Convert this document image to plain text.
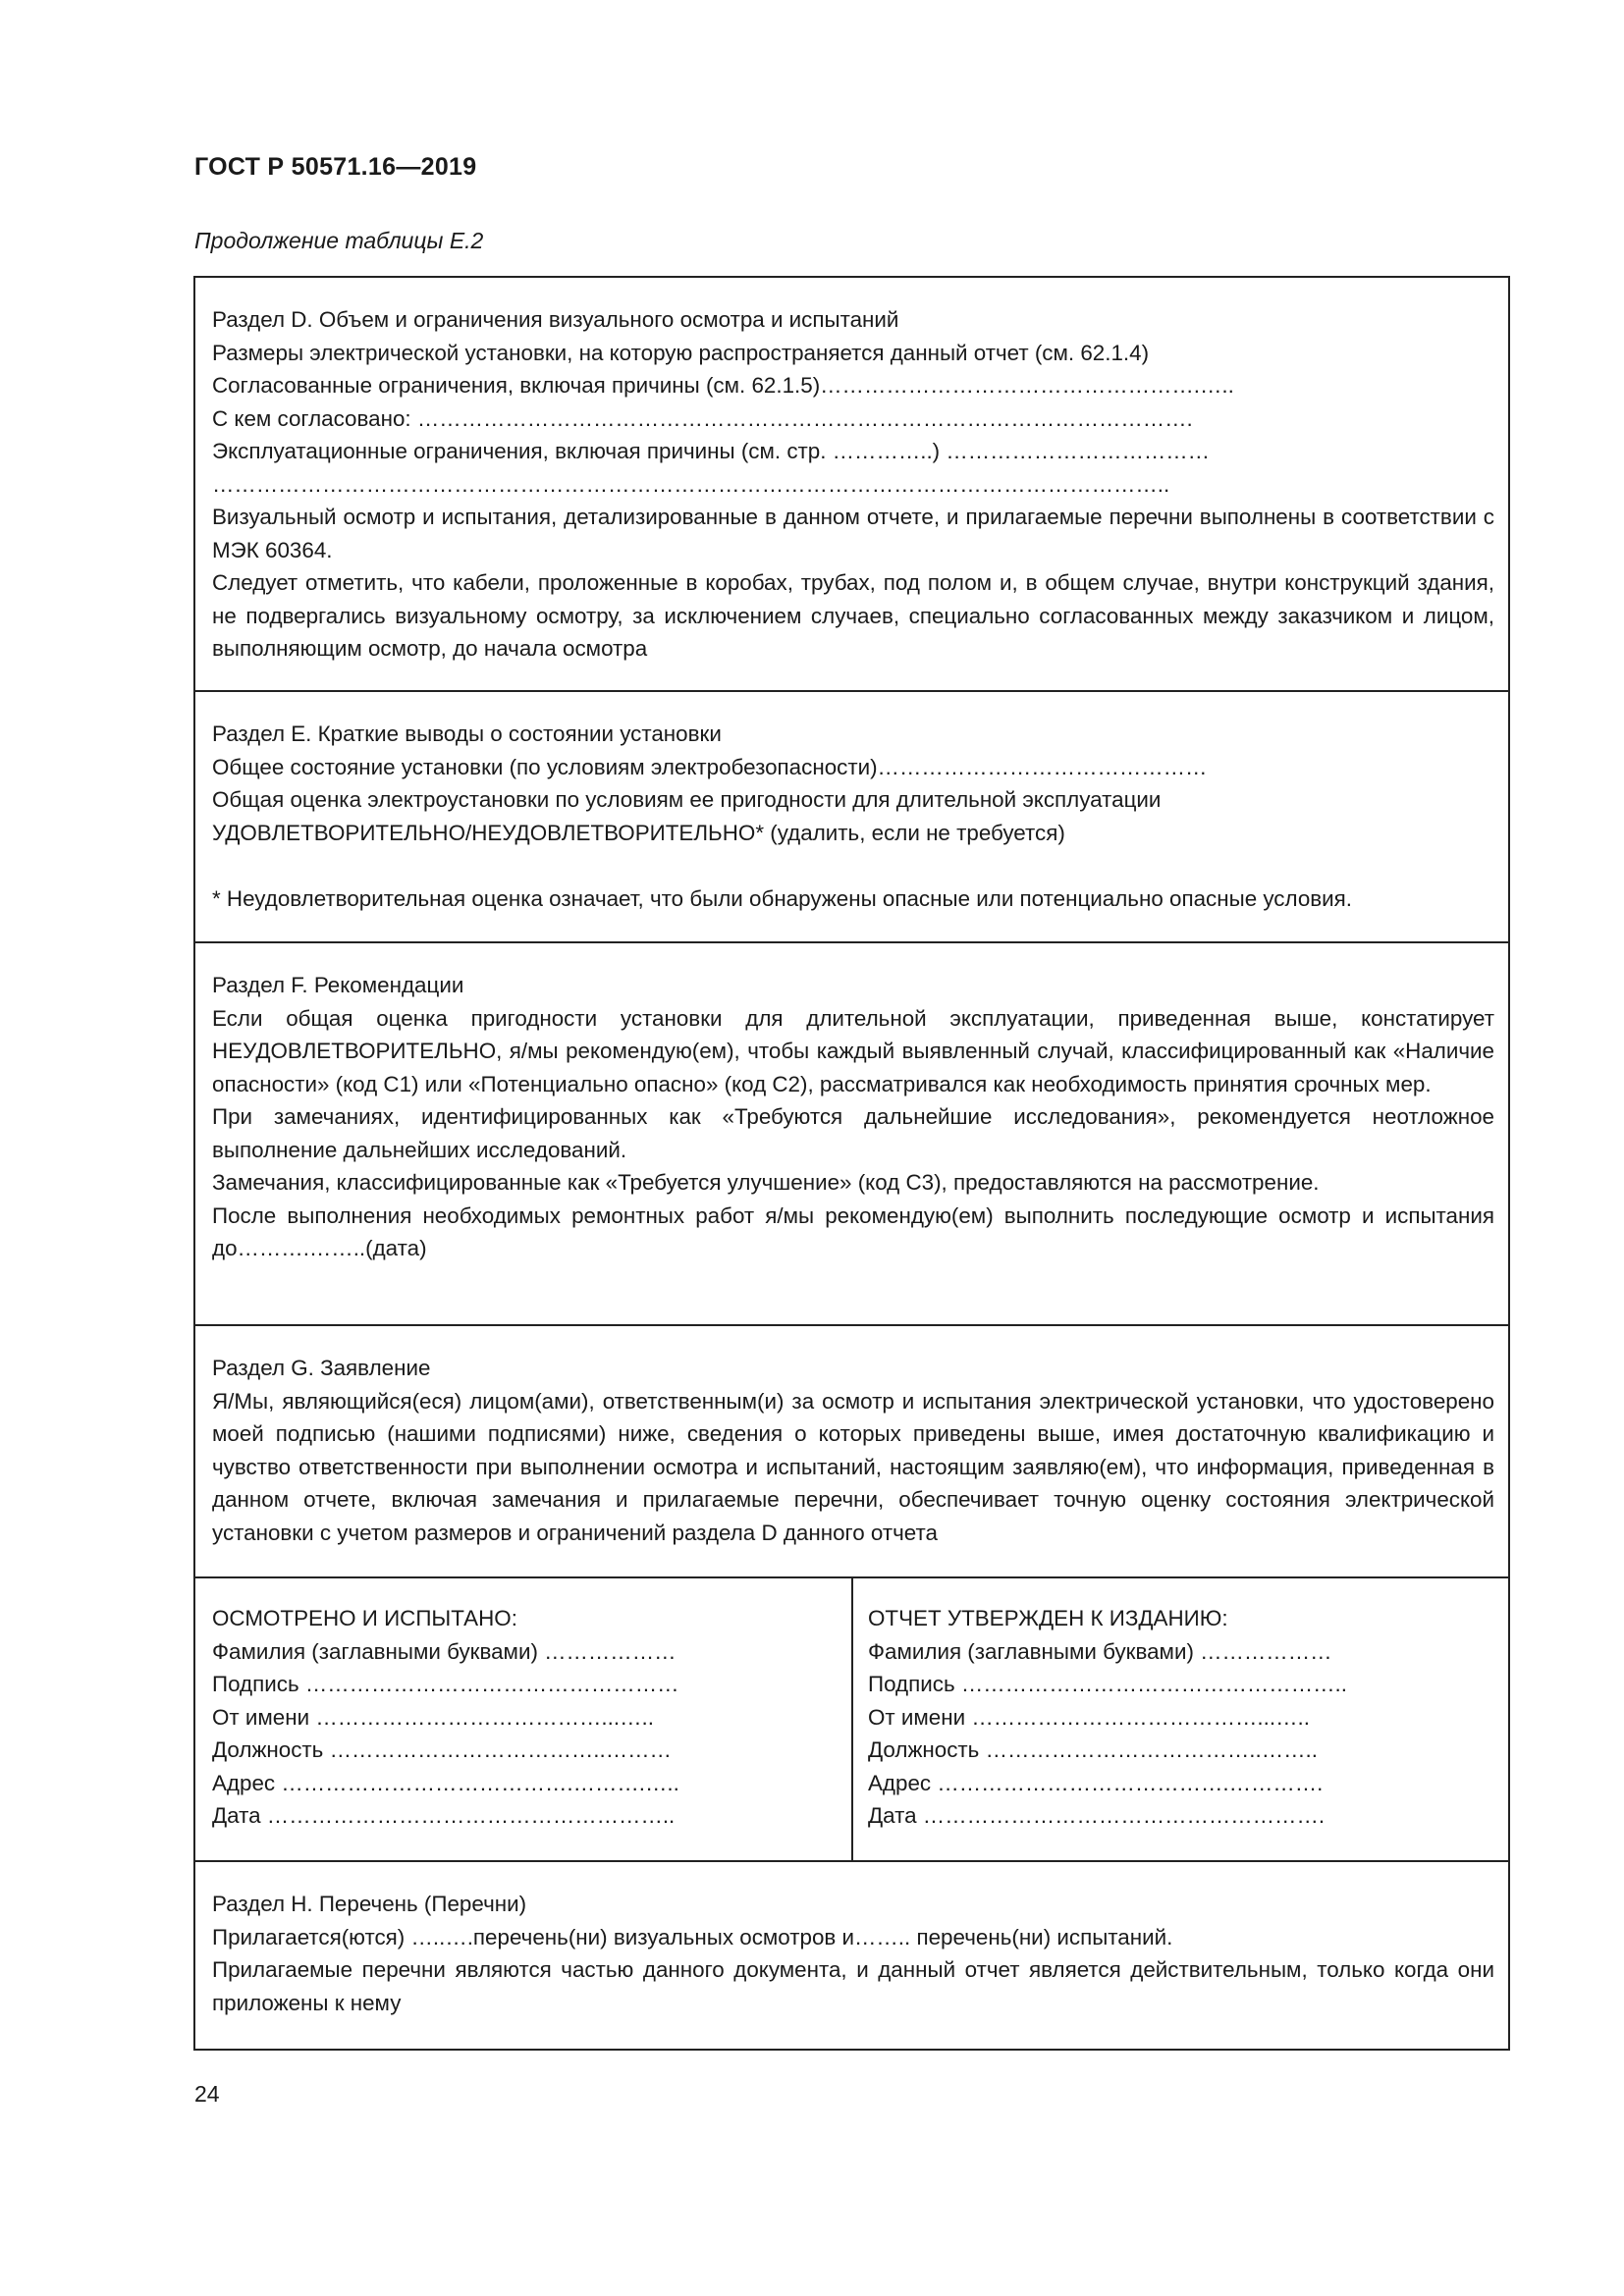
ГОСТ Р 50571.16—2019
Продолжение таблицы Е.2

Раздел D. Объем и ограничения визуального осмотра и испытаний

Размеры электрической установки, на которую распространяется данный отчет (см. 62.1.4)

Согласованные ограничения, включая причины (см. 62.1.5)…………………………………………….…..

С кем согласовано: …………………………………………………………………………………………….

Эксплуатационные ограничения, включая причины (см. стр. …………..) ………………………………

…………………………………………………………………………………………………………………..

Визуальный осмотр и испытания, детализированные в данном отчете, и прилагаемые перечни выполнены в соответствии с МЭК 60364.

Следует отметить, что кабели, проложенные в коробах, трубах, под полом и, в общем случае, внутри конструкций здания, не подвергались визуальному осмотру, за исключением случаев, специально согласованных между заказчиком и лицом, выполняющим осмотр, до начала осмотра

Раздел E. Краткие выводы о состоянии установки

Общее состояние установки (по условиям электробезопасности)………………………………………

Общая оценка электроустановки по условиям ее пригодности для длительной эксплуатации

УДОВЛЕТВОРИТЕЛЬНО/НЕУДОВЛЕТВОРИТЕЛЬНО* (удалить, если не требуется)

* Неудовлетворительная оценка означает, что были обнаружены опасные или потенциально опасные условия.

Раздел F. Рекомендации

Если общая оценка пригодности установки для длительной эксплуатации, приведенная выше, констатирует НЕУДОВЛЕТВОРИТЕЛЬНО, я/мы рекомендую(ем), чтобы каждый выявленный случай, классифицированный как «Наличие опасности» (код С1) или «Потенциально опасно» (код С2), рассматривался как необходимость принятия срочных мер.

При замечаниях, идентифицированных как «Требуются дальнейшие исследования», рекомендуется неотложное выполнение дальнейших исследований.

Замечания, классифицированные как «Требуется улучшение» (код С3), предоставляются на рассмотрение.

После выполнения необходимых ремонтных работ я/мы рекомендую(ем) выполнить последующие осмотр и испытания до……….……..(дата)

Раздел G. Заявление

Я/Мы, являющийся(еся) лицом(ами), ответственным(и) за осмотр и испытания электрической установки, что удостоверено моей подписью (нашими подписями) ниже, сведения о которых приведены выше, имея достаточную квалификацию и чувство ответственности при выполнении осмотра и испытаний, настоящим заявляю(ем), что информация, приведенная в данном отчете, включая замечания и прилагаемые перечни, обеспечивает точную оценку состояния электрической установки с учетом размеров и ограничений раздела D данного отчета

ОСМОТРЕНО И ИСПЫТАНО:

Фамилия (заглавными буквами) ………………

Подпись ……………………………………………

От имени …………………………………...…..

Должность ………………………………..………

Адрес ………………………………….……….…..

Дата ………………………………………………..

ОТЧЕТ УТВЕРЖДЕН К ИЗДАНИЮ:

Фамилия (заглавными буквами) ………………

Подпись ……………………………………………..

От имени …………………………………...…..

Должность ………………………………..……..

Адрес ………………………………….………….

Дата ……………………………………………….

Раздел H. Перечень (Перечни)

Прилагается(ются) …..….перечень(ни) визуальных осмотров и…….. перечень(ни) испытаний.

Прилагаемые перечни являются частью данного документа, и данный отчет является действительным, только когда они приложены к нему

24
